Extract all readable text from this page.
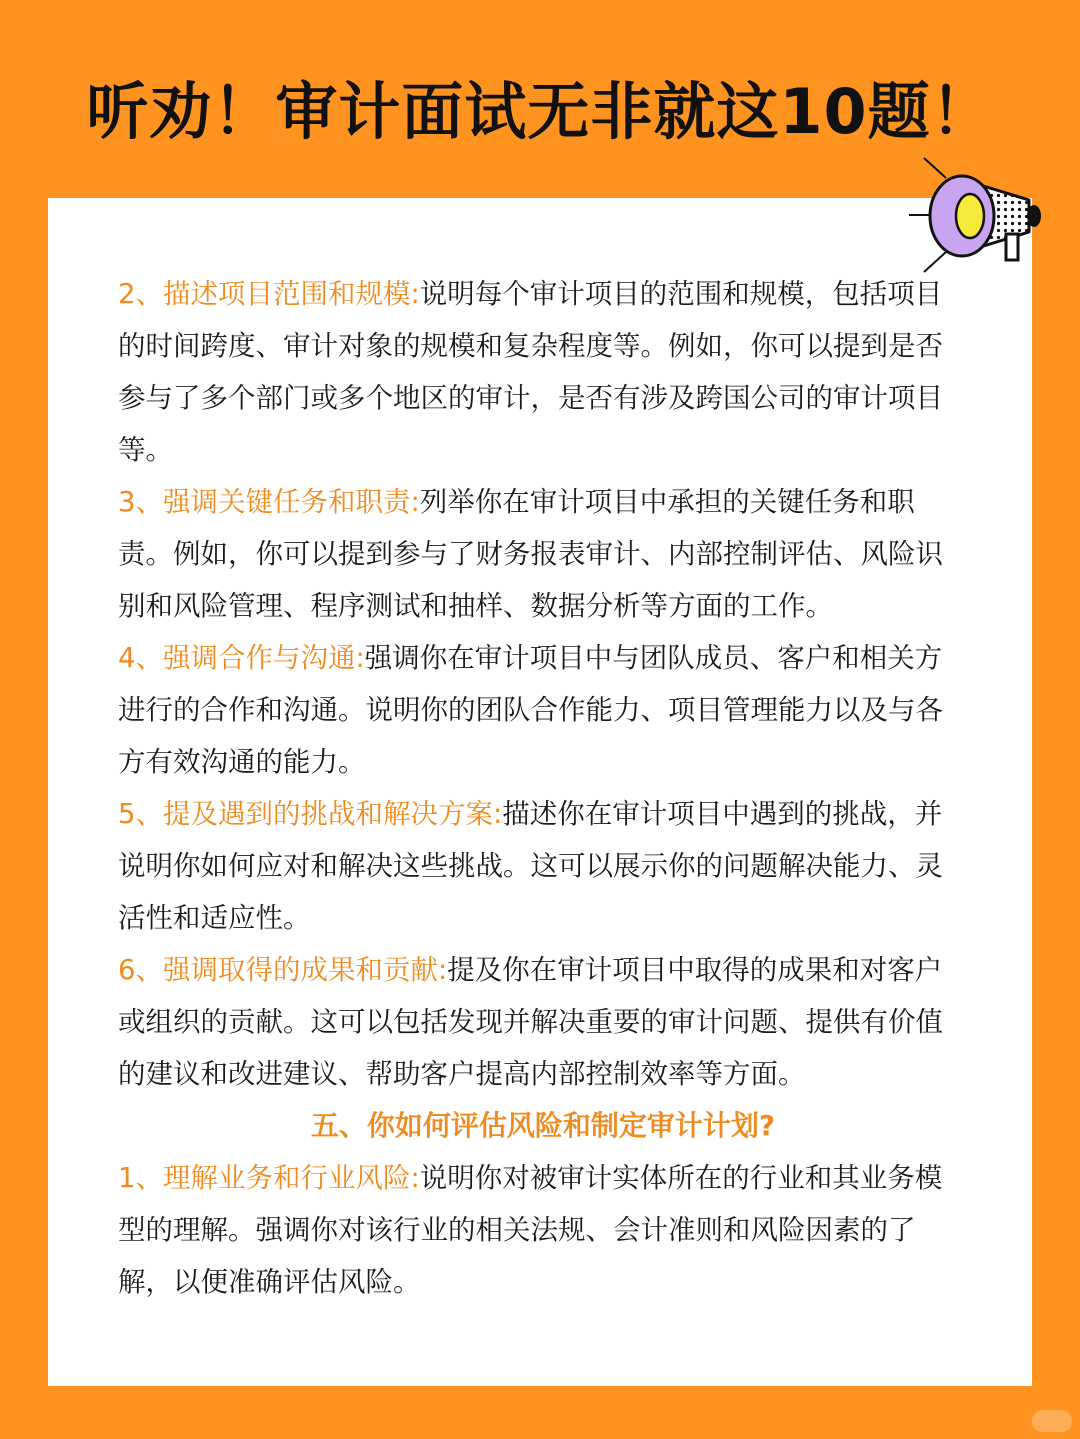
听劝！审计面试无非就这10题！

2、描述项目范围和规模:说明每个审计项目的范围和规模，包括项目的时间跨度、审计对象的规模和复杂程度等。例如，你可以提到是否参与了多个部门或多个地区的审计，是否有涉及跨国公司的审计项目等。

3、强调关键任务和职责:列举你在审计项目中承担的关键任务和职责。例如，你可以提到参与了财务报表审计、内部控制评估、风险识别和风险管理、程序测试和抽样、数据分析等方面的工作。

4、强调合作与沟通:强调你在审计项目中与团队成员、客户和相关方进行的合作和沟通。说明你的团队合作能力、项目管理能力以及与各方有效沟通的能力。

5、提及遇到的挑战和解决方案:描述你在审计项目中遇到的挑战，并说明你如何应对和解决这些挑战。这可以展示你的问题解决能力、灵活性和适应性。

6、强调取得的成果和贡献:提及你在审计项目中取得的成果和对客户或组织的贡献。这可以包括发现并解决重要的审计问题、提供有价值的建议和改进建议、帮助客户提高内部控制效率等方面。

五、你如何评估风险和制定审计计划?

1、理解业务和行业风险:说明你对被审计实体所在的行业和其业务模型的理解。强调你对该行业的相关法规、会计准则和风险因素的了解，以便准确评估风险。
